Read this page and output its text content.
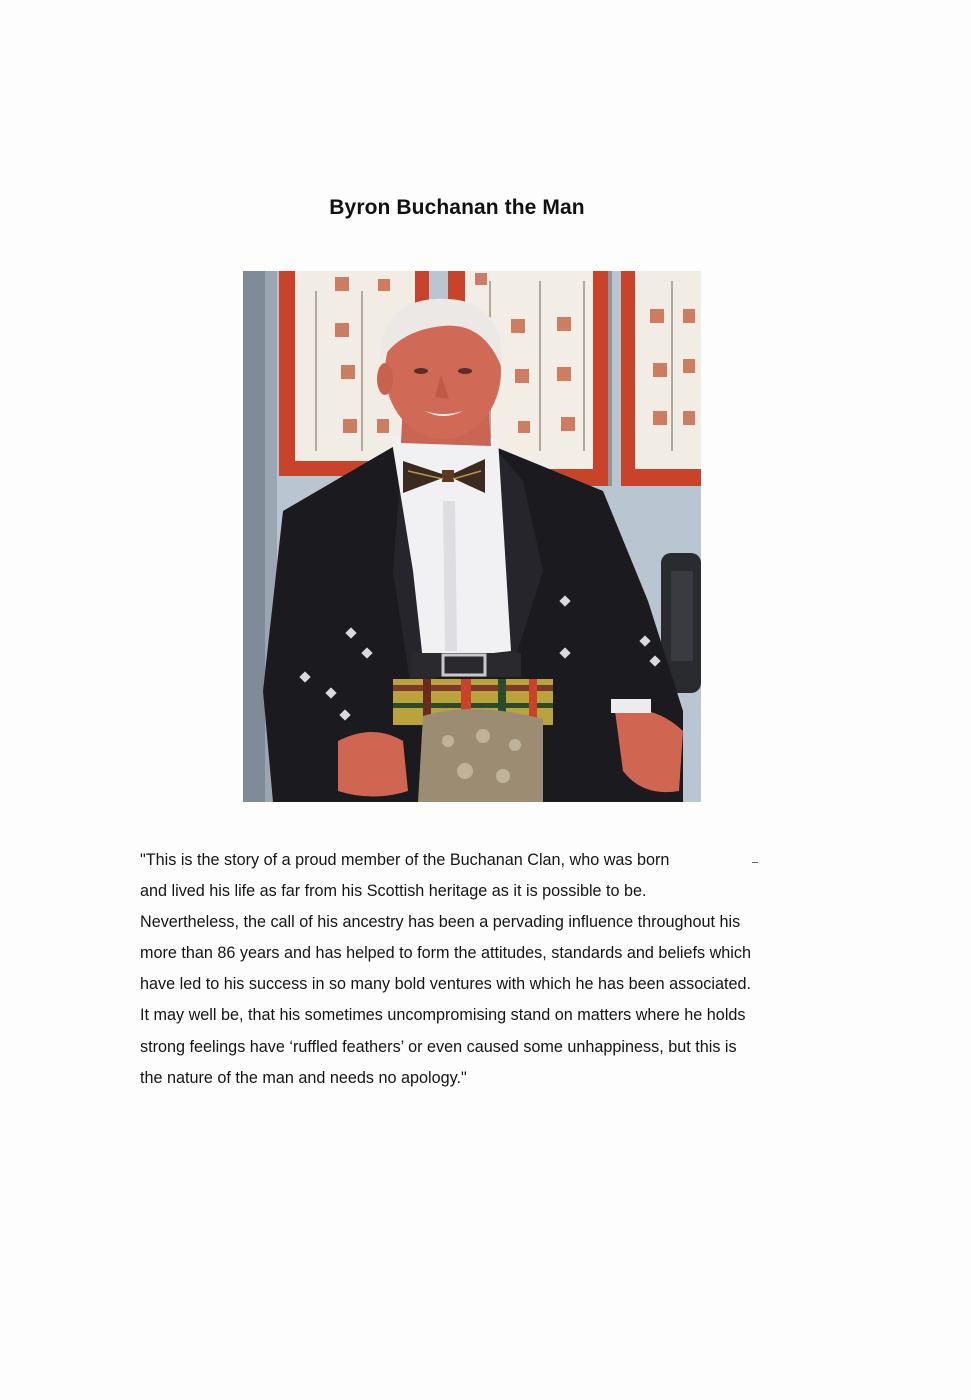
Byron Buchanan the Man
"This is the story of a proud member of the Buchanan Clan, who was born
and lived his life as far from his Scottish heritage as it is possible to be.
Nevertheless, the call of his ancestry has been a pervading influence throughout his
more than 86 years and has helped to form the attitudes, standards and beliefs which
have led to his success in so many bold ventures with which he has been associated.
It may well be, that his sometimes uncompromising stand on matters where he holds
strong feelings have ‘ruffled feathers’ or even caused some unhappiness, but this is
the nature of the man and needs no apology."
